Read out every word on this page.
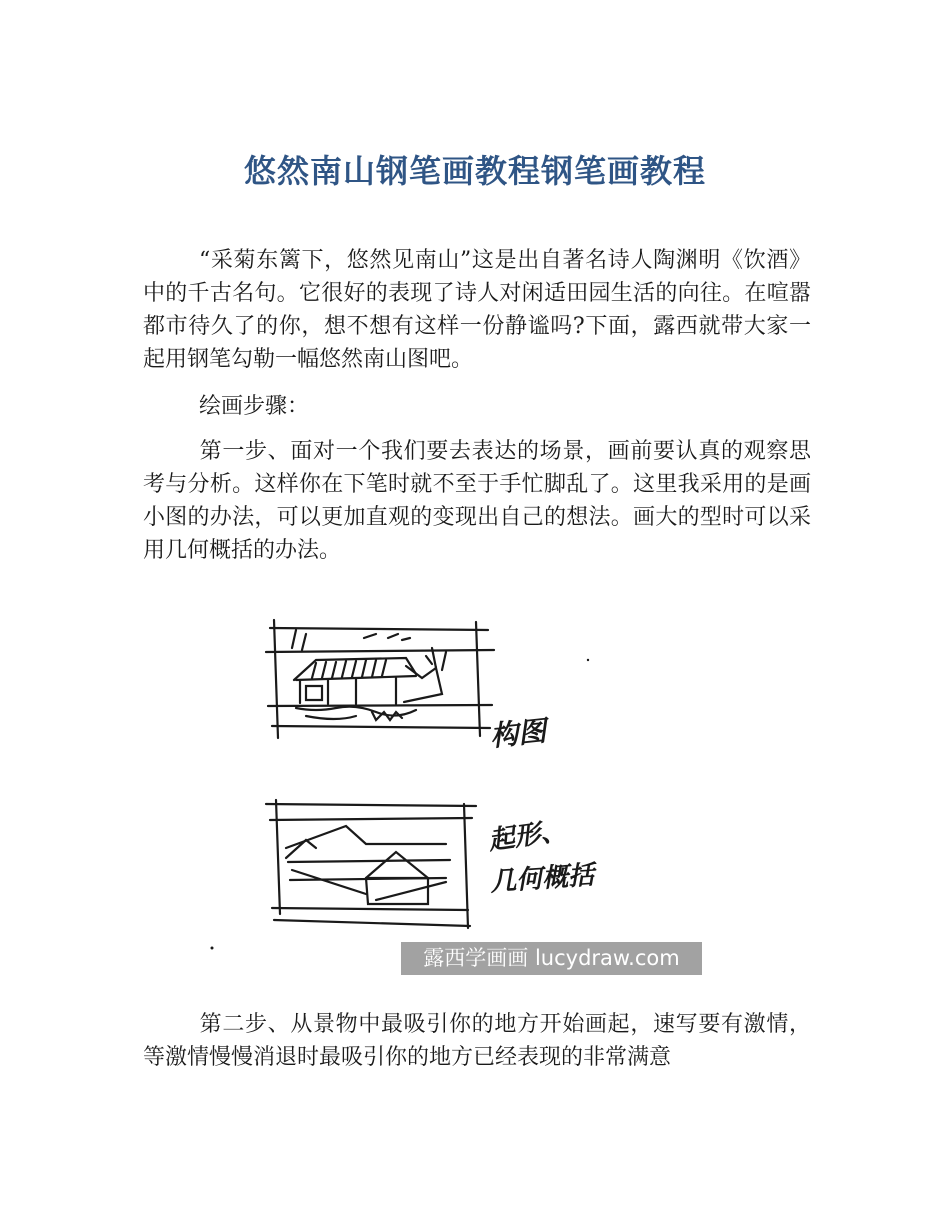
悠然南山钢笔画教程钢笔画教程

“采菊东篱下，悠然见南山”这是出自著名诗人陶渊明《饮酒》中的千古名句。它很好的表现了诗人对闲适田园生活的向往。在喧嚣都市待久了的你，想不想有这样一份静谧吗?下面，露西就带大家一起用钢笔勾勒一幅悠然南山图吧。

绘画步骤：

第一步、面对一个我们要去表达的场景，画前要认真的观察思考与分析。这样你在下笔时就不至于手忙脚乱了。这里我采用的是画小图的办法，可以更加直观的变现出自己的想法。画大的型时可以采用几何概括的办法。

构图
起形、
几何概括
露西学画画 lucydraw.com

第二步、从景物中最吸引你的地方开始画起，速写要有激情，等激情慢慢消退时最吸引你的地方已经表现的非常满意
